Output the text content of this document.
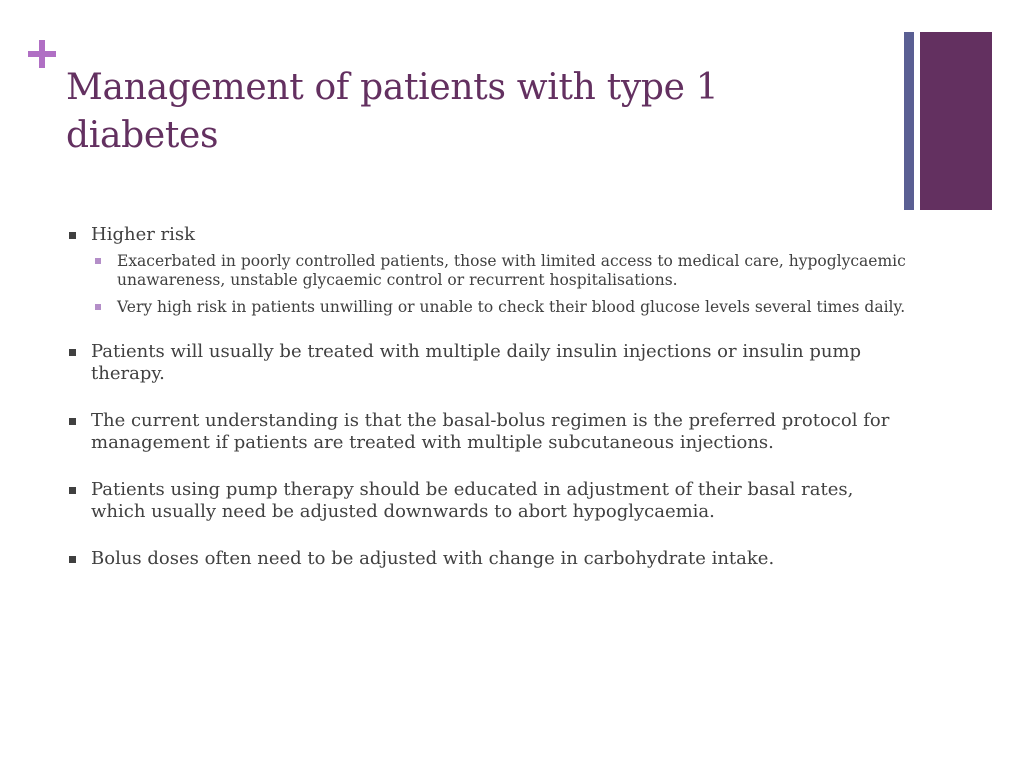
Management of patients with type 1 diabetes
Higher risk
Exacerbated in poorly controlled patients, those with limited access to medical care, hypoglycaemic unawareness, unstable glycaemic control or recurrent hospitalisations.
Very high risk in patients unwilling or unable to check their blood glucose levels several times daily.
Patients will usually be treated with multiple daily insulin injections or insulin pump therapy.
The current understanding is that the basal-bolus regimen is the preferred protocol for management if patients are treated with multiple subcutaneous injections.
Patients using pump therapy should be educated in adjustment of their basal rates, which usually need be adjusted downwards to abort hypoglycaemia.
Bolus doses often need to be adjusted with change in carbohydrate intake.
